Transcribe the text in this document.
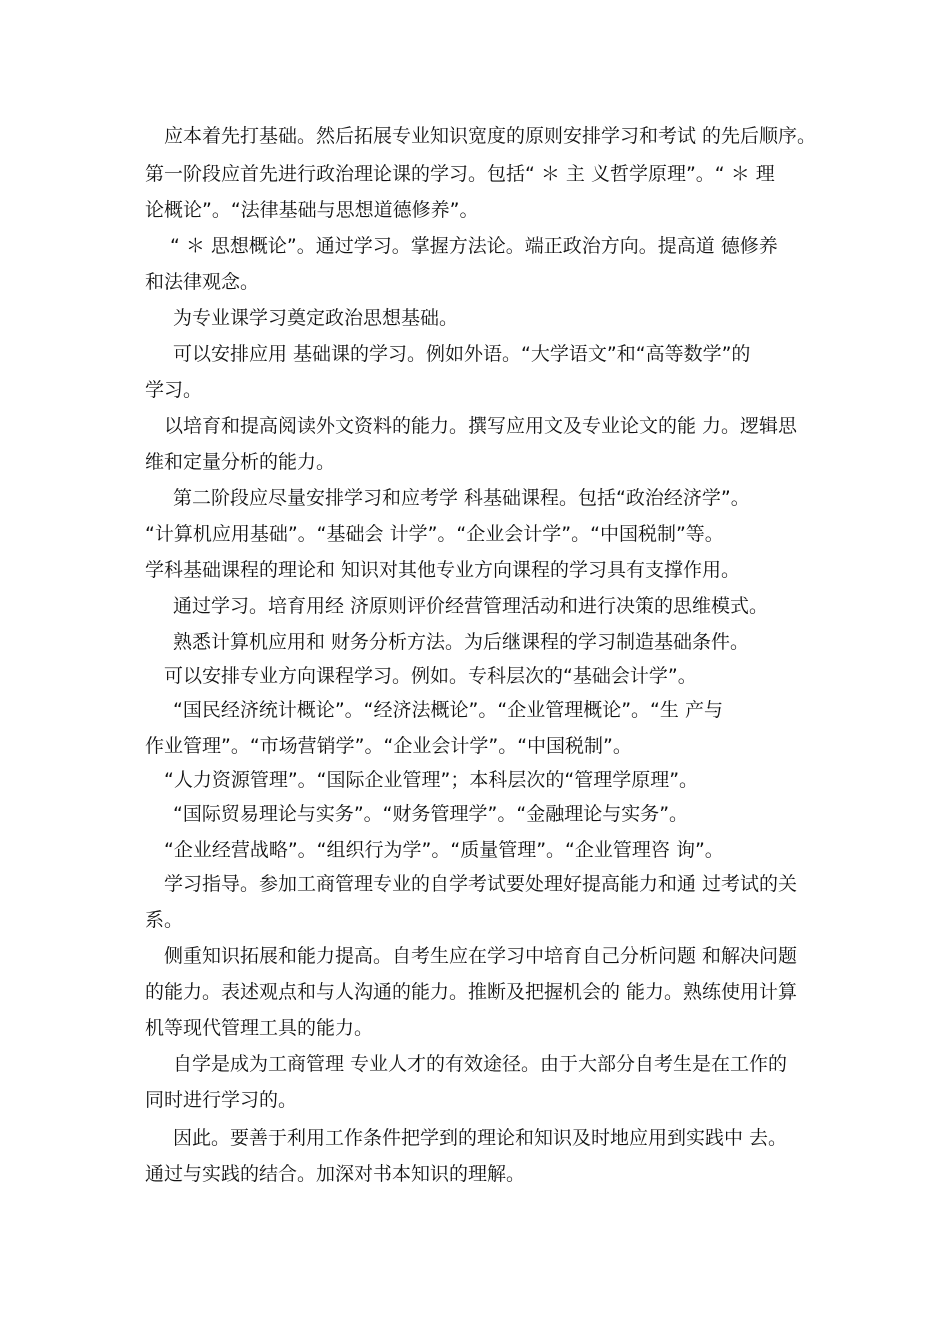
应本着先打基础。然后拓展专业知识宽度的原则安排学习和考试 的先后顺序。
第一阶段应首先进行政治理论课的学习。包括“ ＊ 主 义哲学原理”。“ ＊ 理
论概论”。“法律基础与思想道德修养”。
“ ＊ 思想概论”。通过学习。掌握方法论。端正政治方向。提高道 德修养
和法律观念。
为专业课学习奠定政治思想基础。
可以安排应用 基础课的学习。例如外语。“大学语文”和“高等数学”的
学习。
以培育和提高阅读外文资料的能力。撰写应用文及专业论文的能 力。逻辑思
维和定量分析的能力。
第二阶段应尽量安排学习和应考学 科基础课程。包括“政治经济学”。
“计算机应用基础”。“基础会 计学”。“企业会计学”。“中国税制”等。
学科基础课程的理论和 知识对其他专业方向课程的学习具有支撑作用。
通过学习。培育用经 济原则评价经营管理活动和进行决策的思维模式。
熟悉计算机应用和 财务分析方法。为后继课程的学习制造基础条件。
可以安排专业方向课程学习。例如。专科层次的“基础会计学”。
“国民经济统计概论”。“经济法概论”。“企业管理概论”。“生 产与
作业管理”。“市场营销学”。“企业会计学”。“中国税制”。
“人力资源管理”。“国际企业管理”；本科层次的“管理学原理”。
“国际贸易理论与实务”。“财务管理学”。“金融理论与实务”。
“企业经营战略”。“组织行为学”。“质量管理”。“企业管理咨 询”。
学习指导。参加工商管理专业的自学考试要处理好提高能力和通 过考试的关
系。
侧重知识拓展和能力提高。自考生应在学习中培育自己分析问题 和解决问题
的能力。表述观点和与人沟通的能力。推断及把握机会的 能力。熟练使用计算
机等现代管理工具的能力。
自学是成为工商管理 专业人才的有效途径。由于大部分自考生是在工作的
同时进行学习的。
因此。要善于利用工作条件把学到的理论和知识及时地应用到实践中 去。
通过与实践的结合。加深对书本知识的理解。
